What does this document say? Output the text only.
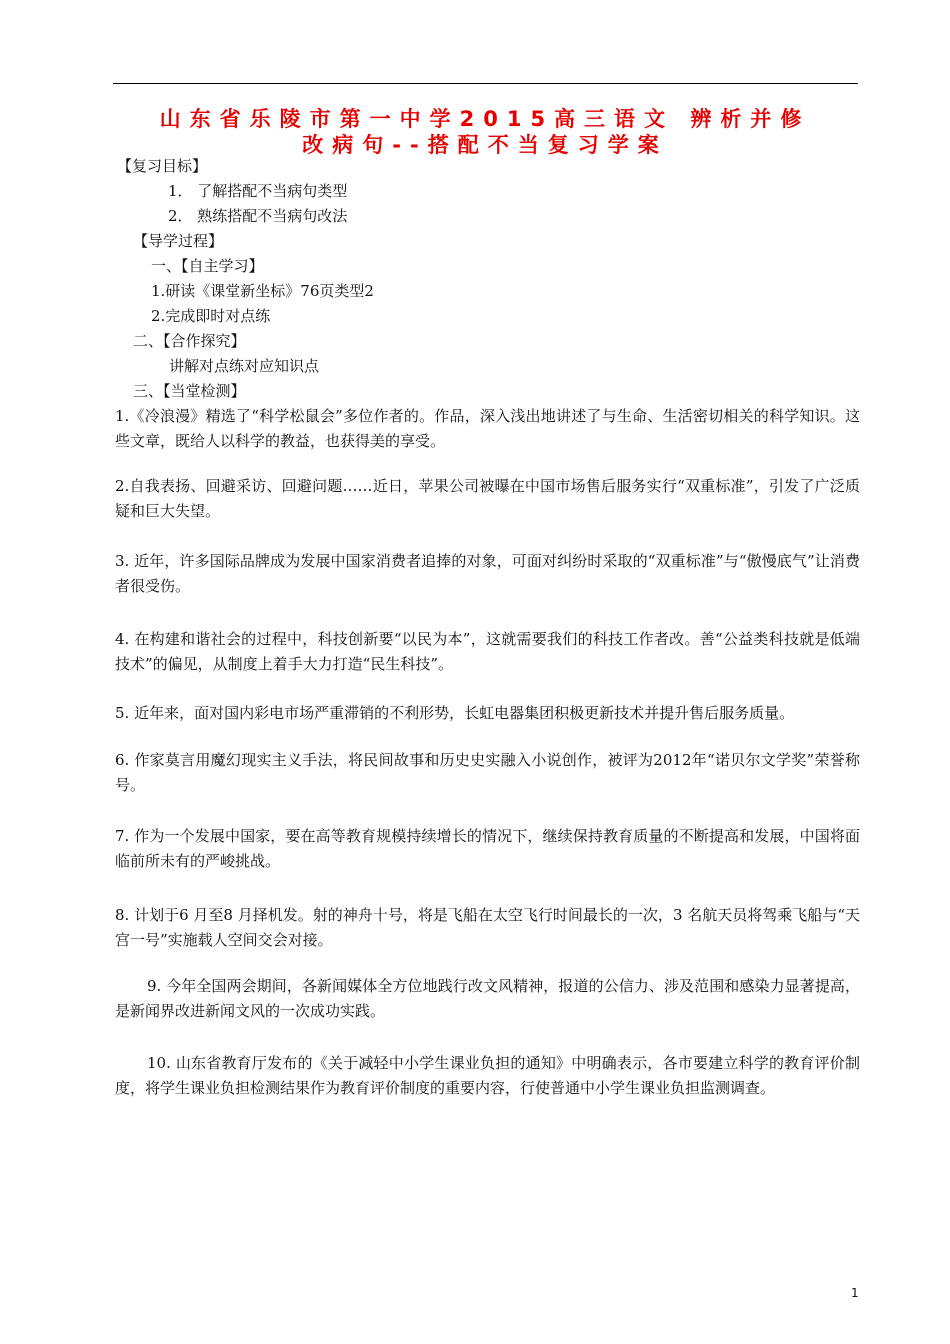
山东省乐陵市第一中学2015高三语文 辨析并修
改病句--搭配不当复习学案
【复习目标】
1． 了解搭配不当病句类型
2． 熟练搭配不当病句改法
【导学过程】
一、【自主学习】
1.研读《课堂新坐标》76页类型2
2.完成即时对点练
二、【合作探究】
讲解对点练对应知识点
三、【当堂检测】
1.《冷浪漫》精选了“科学松鼠会”多位作者的。作品，深入浅出地讲述了与生命、生活密切相关的科学知识。这些文章，既给人以科学的教益，也获得美的享受。
2.自我表扬、回避采访、回避问题……近日，苹果公司被曝在中国市场售后服务实行“双重标准”，引发了广泛质疑和巨大失望。
3. 近年，许多国际品牌成为发展中国家消费者追捧的对象，可面对纠纷时采取的“双重标准”与“傲慢底气”让消费者很受伤。
4. 在构建和谐社会的过程中，科技创新要“以民为本”，这就需要我们的科技工作者改。善“公益类科技就是低端技术”的偏见，从制度上着手大力打造“民生科技”。
5. 近年来，面对国内彩电市场严重滞销的不利形势，长虹电器集团积极更新技术并提升售后服务质量。
6. 作家莫言用魔幻现实主义手法，将民间故事和历史史实融入小说创作，被评为2012年“诺贝尔文学奖”荣誉称号。
7. 作为一个发展中国家，要在高等教育规模持续增长的情况下，继续保持教育质量的不断提高和发展，中国将面临前所未有的严峻挑战。
8. 计划于6 月至8 月择机发。射的神舟十号，将是飞船在太空飞行时间最长的一次，3 名航天员将驾乘飞船与“天宫一号”实施载人空间交会对接。
9. 今年全国两会期间，各新闻媒体全方位地践行改文风精神，报道的公信力、涉及范围和感染力显著提高，是新闻界改进新闻文风的一次成功实践。
10. 山东省教育厅发布的《关于减轻中小学生课业负担的通知》中明确表示，各市要建立科学的教育评价制度，将学生课业负担检测结果作为教育评价制度的重要内容，行使普通中小学生课业负担监测调查。
1
